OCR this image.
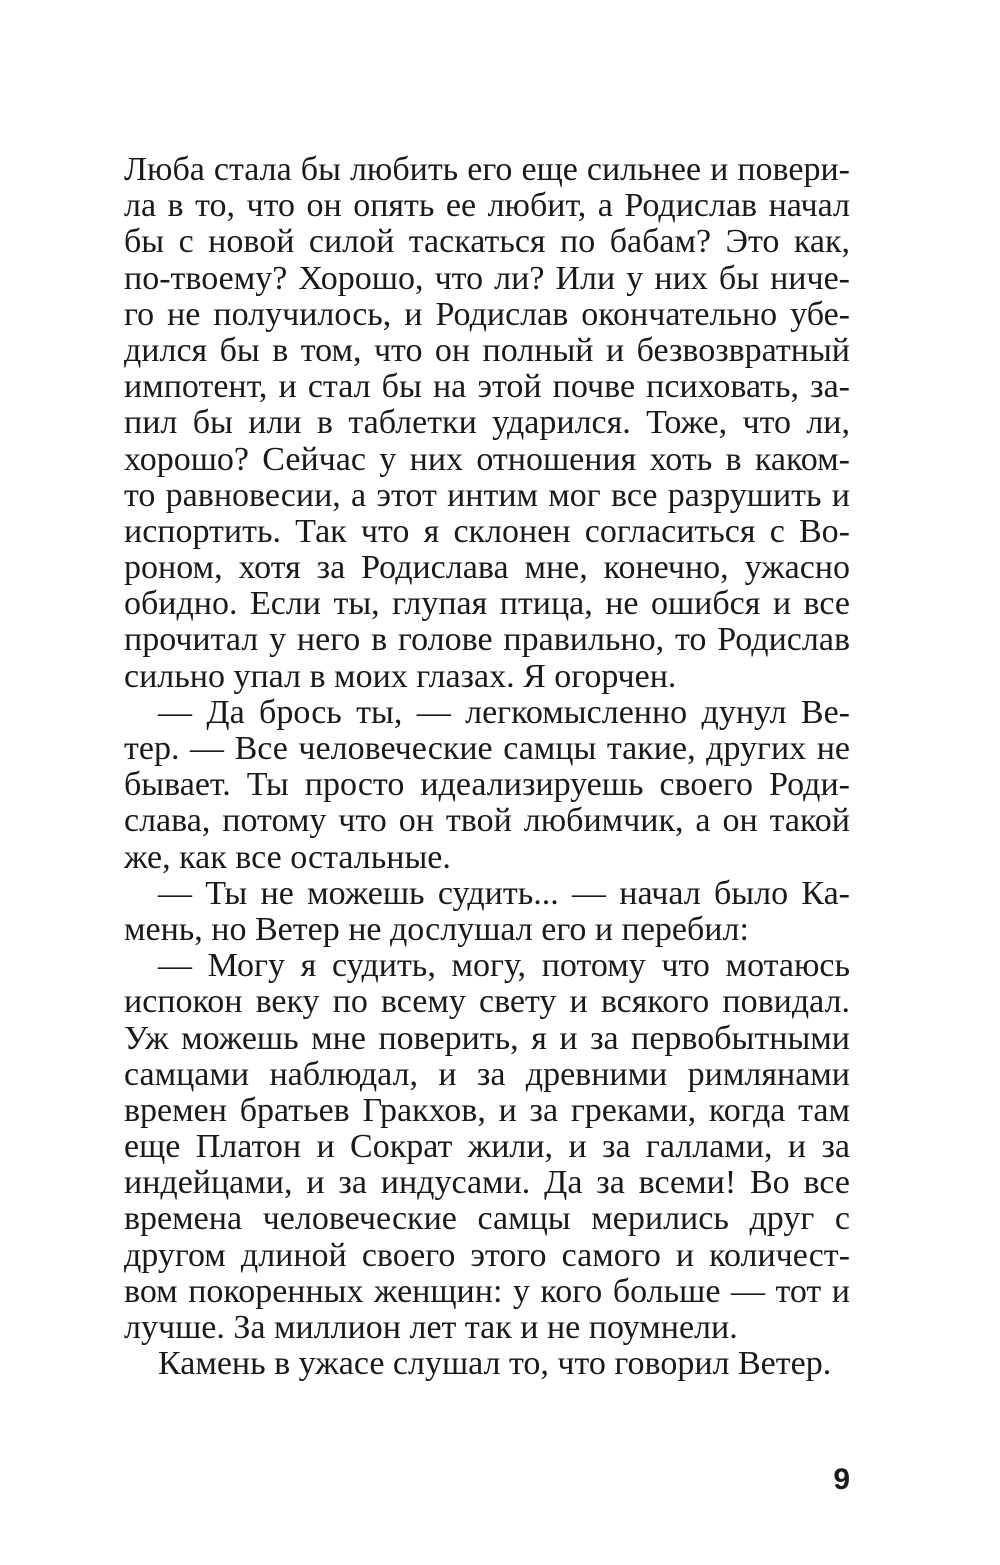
Люба стала бы любить его еще сильнее и повери-
ла в то, что он опять ее любит, а Родислав начал
бы с новой силой таскаться по бабам? Это как,
по-твоему? Хорошо, что ли? Или у них бы ниче-
го не получилось, и Родислав окончательно убе-
дился бы в том, что он полный и безвозвратный
импотент, и стал бы на этой почве психовать, за-
пил бы или в таблетки ударился. Тоже, что ли,
хорошо? Сейчас у них отношения хоть в каком-
то равновесии, а этот интим мог все разрушить и
испортить. Так что я склонен согласиться с Во-
роном, хотя за Родислава мне, конечно, ужасно
обидно. Если ты, глупая птица, не ошибся и все
прочитал у него в голове правильно, то Родислав
сильно упал в моих глазах. Я огорчен.
— Да брось ты, — легкомысленно дунул Ве-
тер. — Все человеческие самцы такие, других не
бывает. Ты просто идеализируешь своего Роди-
слава, потому что он твой любимчик, а он такой
же, как все остальные.
— Ты не можешь судить... — начал было Ка-
мень, но Ветер не дослушал его и перебил:
— Могу я судить, могу, потому что мотаюсь
испокон веку по всему свету и всякого повидал.
Уж можешь мне поверить, я и за первобытными
самцами наблюдал, и за древними римлянами
времен братьев Гракхов, и за греками, когда там
еще Платон и Сократ жили, и за галлами, и за
индейцами, и за индусами. Да за всеми! Во все
времена человеческие самцы мерились друг с
другом длиной своего этого самого и количест-
вом покоренных женщин: у кого больше — тот и
лучше. За миллион лет так и не поумнели.
Камень в ужасе слушал то, что говорил Ветер.
9
